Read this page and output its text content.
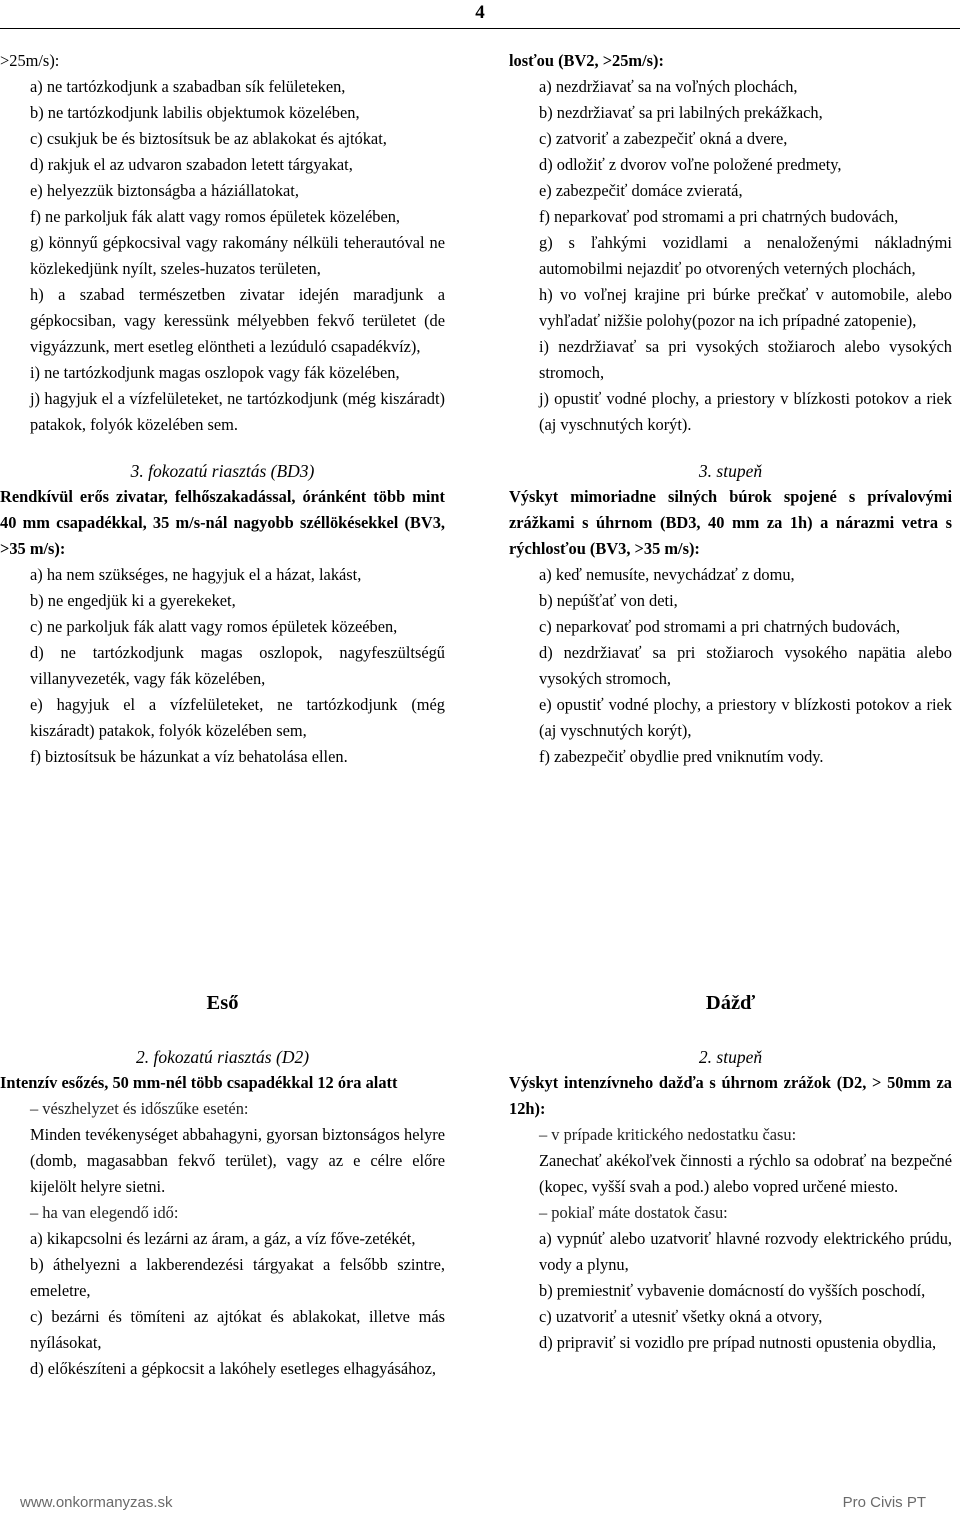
4

>25m/s):

a) ne tartózkodjunk a szabadban sík felületeken,

b) ne tartózkodjunk labilis objektumok közelében,

c) csukjuk be és biztosítsuk be az ablakokat és ajtókat,

d) rakjuk el az udvaron szabadon letett tárgyakat,

e) helyezzük biztonságba a háziállatokat,

f) ne parkoljuk fák alatt vagy romos épületek közelében,

g) könnyű gépkocsival vagy rakomány nélküli teherautóval ne közlekedjünk nyílt, szeles-huzatos területen,

h) a szabad természetben zivatar idején maradjunk a gépkocsiban, vagy keressünk mélyebben fekvő területet (de vigyázzunk, mert esetleg elöntheti a lezúduló csapadékvíz),

i) ne tartózkodjunk magas oszlopok vagy fák közelében,

j) hagyjuk el a vízfelületeket, ne tartózkodjunk (még kiszáradt) patakok, folyók közelében sem.

3. fokozatú riasztás (BD3)

Rendkívül erős zivatar, felhőszakadással, óránként több mint 40 mm csapadékkal, 35 m/s-nál nagyobb széllökésekkel (BV3, >35 m/s):

a) ha nem szükséges, ne hagyjuk el a házat, lakást,

b) ne engedjük ki a gyerekeket,

c) ne parkoljuk fák alatt vagy romos épületek közeében,

d) ne tartózkodjunk magas oszlopok, nagyfeszültségű villanyvezeték, vagy fák közelében,

e) hagyjuk el a vízfelületeket, ne tartózkodjunk (még kiszáradt) patakok, folyók közelében sem,

f) biztosítsuk be házunkat a víz behatolása ellen.

losťou (BV2, >25m/s):

a) nezdržiavať sa na voľných plochách,

b) nezdržiavať sa pri labilných prekážkach,

c) zatvoriť a zabezpečiť okná a dvere,

d) odložiť z dvorov voľne položené predmety,

e) zabezpečiť domáce zvieratá,

f) neparkovať pod stromami a pri chatrných budovách,

g) s ľahkými vozidlami a nenaloženými nákladnými automobilmi nejazdiť po otvorených veterných plochách,

h) vo voľnej krajine pri búrke prečkať v automobile, alebo vyhľadať nižšie polohy(pozor na ich prípadné zatopenie),

i) nezdržiavať sa pri vysokých stožiaroch alebo vysokých stromoch,

j) opustiť vodné plochy, a priestory v blízkosti potokov a riek (aj vyschnutých korýt).

3. stupeň

Výskyt mimoriadne silných búrok spojené s prívalovými zrážkami s úhrnom (BD3, 40 mm za 1h) a nárazmi vetra s rýchlosťou (BV3, >35 m/s):

a) keď nemusíte, nevychádzať z domu,

b) nepúšťať von deti,

c) neparkovať pod stromami a pri chatrných budovách,

d) nezdržiavať sa pri stožiaroch vysokého napätia alebo vysokých stromoch,

e) opustiť vodné plochy, a priestory v blízkosti potokov a riek (aj vyschnutých korýt),

f) zabezpečiť obydlie pred vniknutím vody.

Eső

2. fokozatú riasztás (D2)

Intenzív esőzés, 50 mm-nél több csapadékkal 12 óra alatt

– vészhelyzet és időszűke esetén:

Minden tevékenységet abbahagyni, gyorsan biztonságos helyre (domb, magasabban fekvő terület), vagy az e célre előre kijelölt helyre sietni.

– ha van elegendő idő:

a) kikapcsolni és lezárni az áram, a gáz, a víz főve-zetékét,

b) áthelyezni a lakberendezési tárgyakat a felsőbb szintre, emeletre,

c) bezárni és tömíteni az ajtókat és ablakokat, illetve más nyílásokat,

d) előkészíteni a gépkocsit a lakóhely esetleges elhagyásához,

Dážď

2. stupeň

Výskyt intenzívneho dažďa s úhrnom zrážok (D2, > 50mm za 12h):

– v prípade kritického nedostatku času:

Zanechať akékoľvek činnosti a rýchlo sa odobrať na bezpečné (kopec, vyšší svah a pod.) alebo vopred určené miesto.

– pokiaľ máte dostatok času:

a) vypnúť alebo uzatvoriť hlavné rozvody elektrického prúdu, vody a plynu,

b) premiestniť vybavenie domácností do vyšších poschodí,

c) uzatvoriť a utesniť všetky okná a otvory,

d) pripraviť si vozidlo pre prípad nutnosti opustenia obydlia,

www.onkormanyzas.sk	Pro Civis PT
